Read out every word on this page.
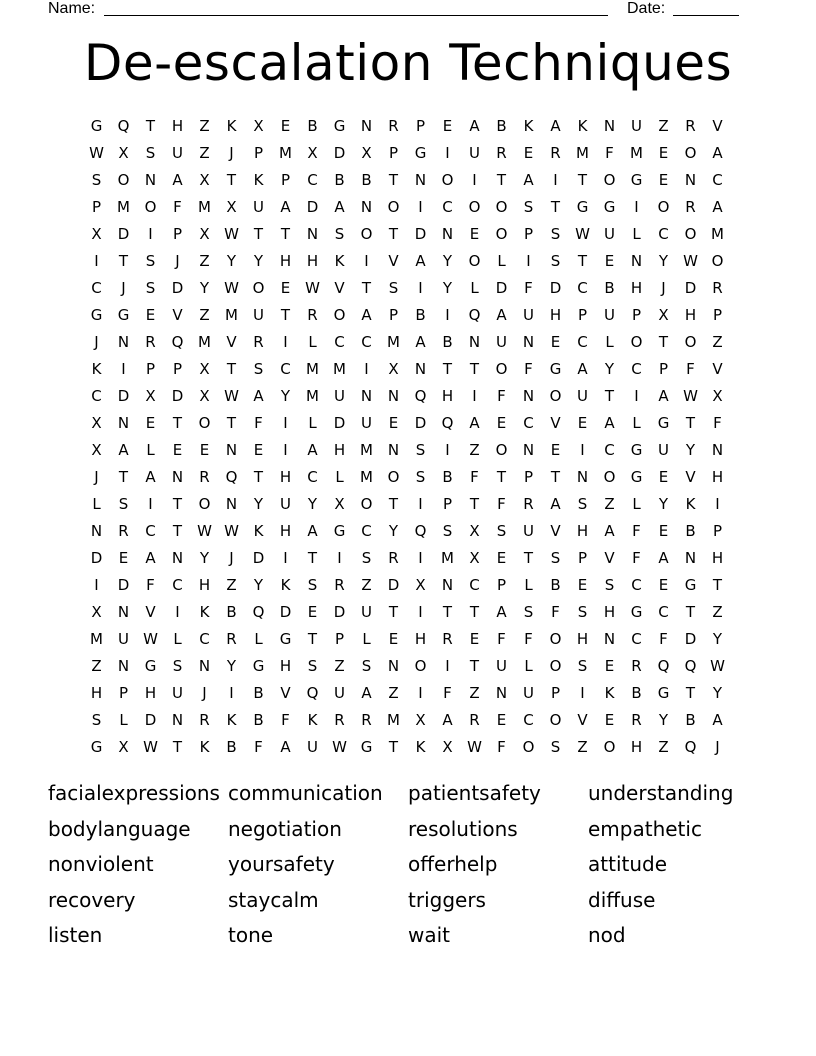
Name:	Date:
De-escalation Techniques
G	Q	T	H	Z	K	X	E	B	G	N	R	P	E	A	B	K	A	K	N	U	Z	R	V
W X	S	U	Z	J	P	M	X	D	X	P	G	I	U	R	E	R	M	F	M	E	O	A
S	O	N	A	X	T	K	P	C	B	B	T	N	O	I	T	A	I	T	O	G	E	N	C
P	M O	F	M	X	U	A	D	A	N	O	I	C	O	O	S	T	G	G	I	O	R	A
X	D	I	P	X W T	T	N	S	O	T	D	N	E	O	P	S W U	L	C	O M
I	T	S	J	Z	Y	Y	H	H	K	I	V	A	Y	O	L	I	S	T	E	N	Y	W O
C	J	S	D	Y	W O	E W V	T	S	I	Y	L	D	F	D	C	B	H	J	D	R
G	G	E	V	Z	M	U	T	R	O	A	P	B	I	Q	A	U	H	P	U	P	X	H	P
J	N	R	Q M	V	R	I	L	C	C	M	A	B	N	U	N	E	C	L	O	T	O	Z
K	I	P	P	X	T	S	C	M M	I	X	N	T	T	O	F	G	A	Y	C	P	F	V
C	D	X	D	X W A	Y	M	U	N	N	Q	H	I	F	N	O	U	T	I	A W X
X	N	E	T	O	T	F	I	L	D	U	E	D	Q	A	E	C	V	E	A	L	G	T	F
X	A	L	E	E	N	E	I	A	H M N	S	I	Z	O	N	E	I	C	G	U	Y	N
J	T	A	N	R	Q	T	H	C	L	M O	S	B	F	T	P	T	N	O	G	E	V	H
L	S	I	T	O	N	Y	U	Y	X	O	T	I	P	T	F	R	A	S	Z	L	Y	K	I
N	R	C	T	W W K	H	A	G	C	Y	Q	S	X	S	U	V	H	A	F	E	B	P
D	E	A	N	Y	J	D	I	T	I	S	R	I	M	X	E	T	S	P	V	F	A	N	H
I	D	F	C	H	Z	Y	K	S	R	Z	D	X	N	C	P	L	B	E	S	C	E	G	T
X	N	V	I	K	B	Q	D	E	D	U	T	I	T	T	A	S	F	S	H	G	C	T	Z
M	U W	L	C	R	L	G	T	P	L	E	H	R	E	F	F	O	H	N	C	F	D	Y
Z	N	G	S	N	Y	G	H	S	Z	S	N	O	I	T	U	L	O	S	E	R	Q	Q W
H	P	H	U	J	I	B	V	Q	U	A	Z	I	F	Z	N	U	P	I	K	B	G	T	Y
S	L	D	N	R	K	B	F	K	R	R	M	X	A	R	E	C	O	V	E	R	Y	B	A
G	X W T	K	B	F	A	U W G	T	K	X W	F	O	S	Z	O	H	Z	Q	J
facialexpressions communication	patientsafety	understanding
bodylanguage	negotiation	resolutions	empathetic
nonviolent	yoursafety	offerhelp	attitude
recovery	staycalm	triggers	diffuse
listen	tone	wait	nod
